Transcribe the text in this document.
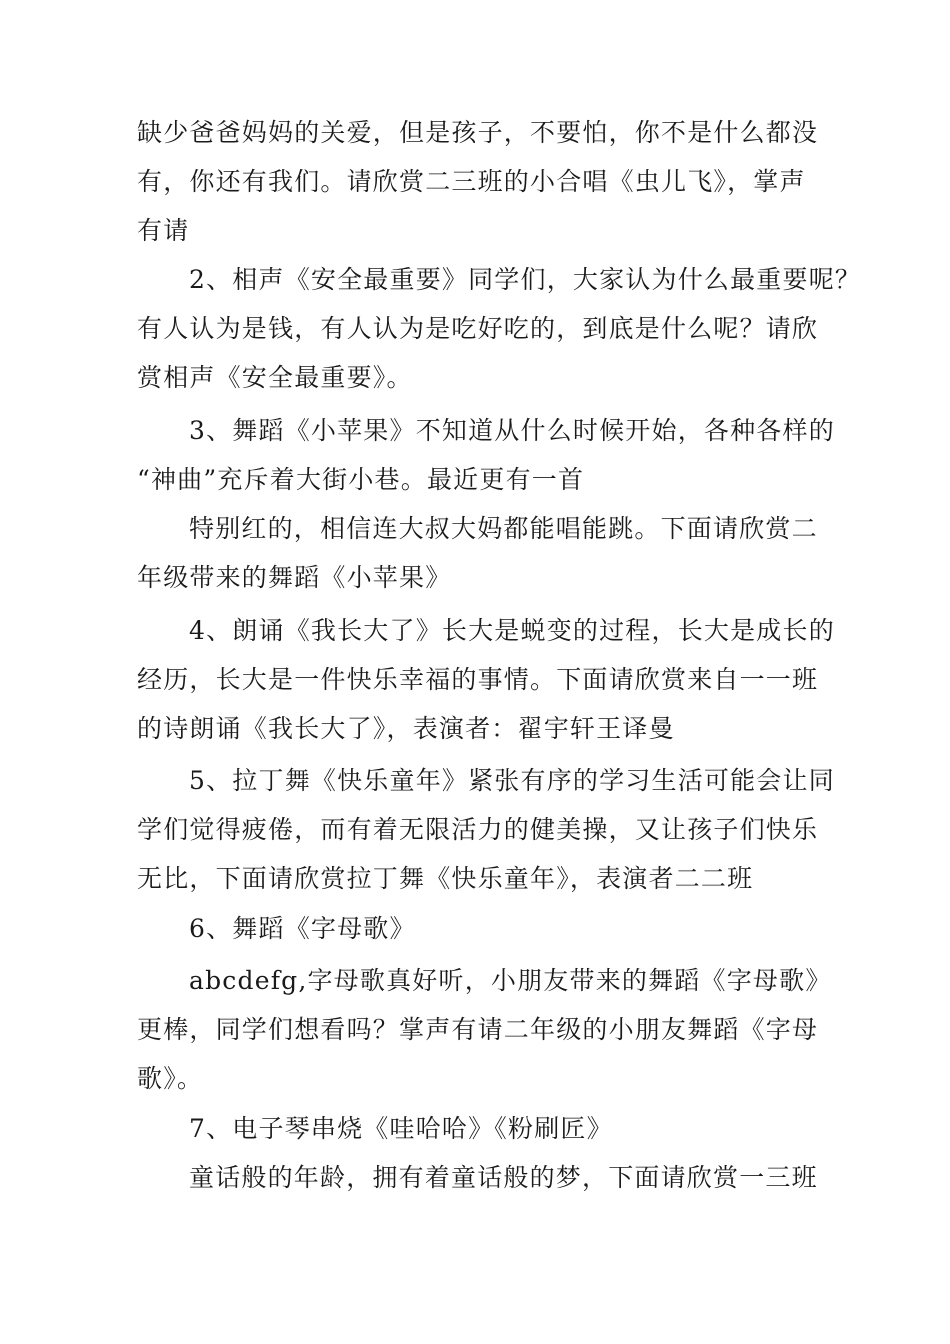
缺少爸爸妈妈的关爱，但是孩子，不要怕，你不是什么都没
有，你还有我们。请欣赏二三班的小合唱《虫儿飞》，掌声
有请
2、相声《安全最重要》同学们，大家认为什么最重要呢？
有人认为是钱，有人认为是吃好吃的，到底是什么呢？请欣
赏相声《安全最重要》。
3、舞蹈《小苹果》不知道从什么时候开始，各种各样的
“神曲”充斥着大街小巷。最近更有一首
特别红的，相信连大叔大妈都能唱能跳。下面请欣赏二
年级带来的舞蹈《小苹果》
4、朗诵《我长大了》长大是蜕变的过程，长大是成长的
经历，长大是一件快乐幸福的事情。下面请欣赏来自一一班
的诗朗诵《我长大了》，表演者：翟宇轩王译曼
5、拉丁舞《快乐童年》紧张有序的学习生活可能会让同
学们觉得疲倦，而有着无限活力的健美操，又让孩子们快乐
无比，下面请欣赏拉丁舞《快乐童年》，表演者二二班
6、舞蹈《字母歌》
abcdefg,字母歌真好听，小朋友带来的舞蹈《字母歌》
更棒，同学们想看吗？掌声有请二年级的小朋友舞蹈《字母
歌》。
7、电子琴串烧《哇哈哈》《粉刷匠》
童话般的年龄，拥有着童话般的梦，下面请欣赏一三班
